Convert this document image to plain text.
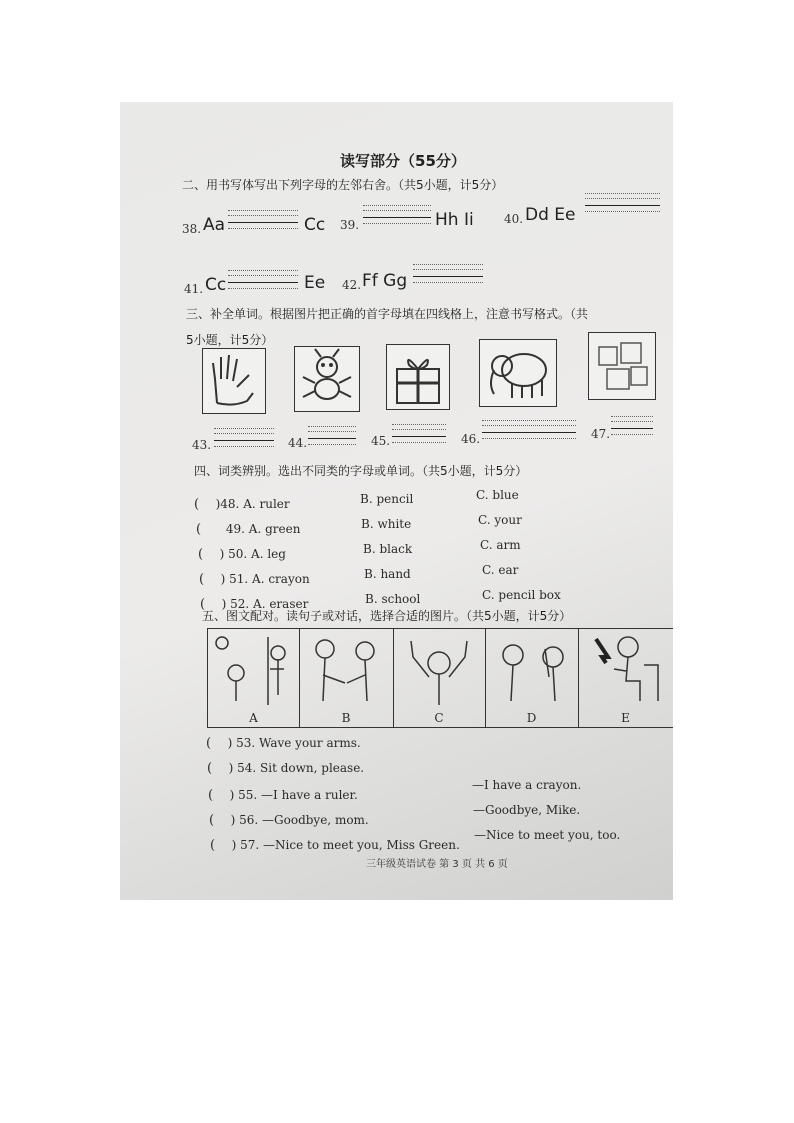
读写部分（55分）
二、用书写体写出下列字母的左邻右舍。（共5小题，计5分）
38. Aa	Cc 39.	Hh Ii	40. Dd Ee
41. Cc	Ee 42. Ff Gg
三、补全单词。根据图片把正确的首字母填在四线格上，注意书写格式。（共
5小题，计5分）
43.	44.	45.	46.	47.
四、词类辨别。选出不同类的字母或单词。（共5小题，计5分）
(    )48. A. ruler	B. pencil	C. blue
(      49. A. green	B. white	C. your
(    ) 50. A. leg	B. black	C. arm
(    ) 51. A. crayon	B. hand	C. ear
(    ) 52. A. eraser	B. school	C. pencil box
五、图文配对。读句子或对话，选择合适的图片。（共5小题，计5分）
A	B	C	D	E
(    ) 53. Wave your arms.
(    ) 54. Sit down, please.
(    ) 55. —I have a ruler.
—I have a crayon.
(    ) 56. —Goodbye, mom.
—Goodbye, Mike.
(    ) 57. —Nice to meet you, Miss Green.
—Nice to meet you, too.
三年级英语试卷 第 3 页 共 6 页
